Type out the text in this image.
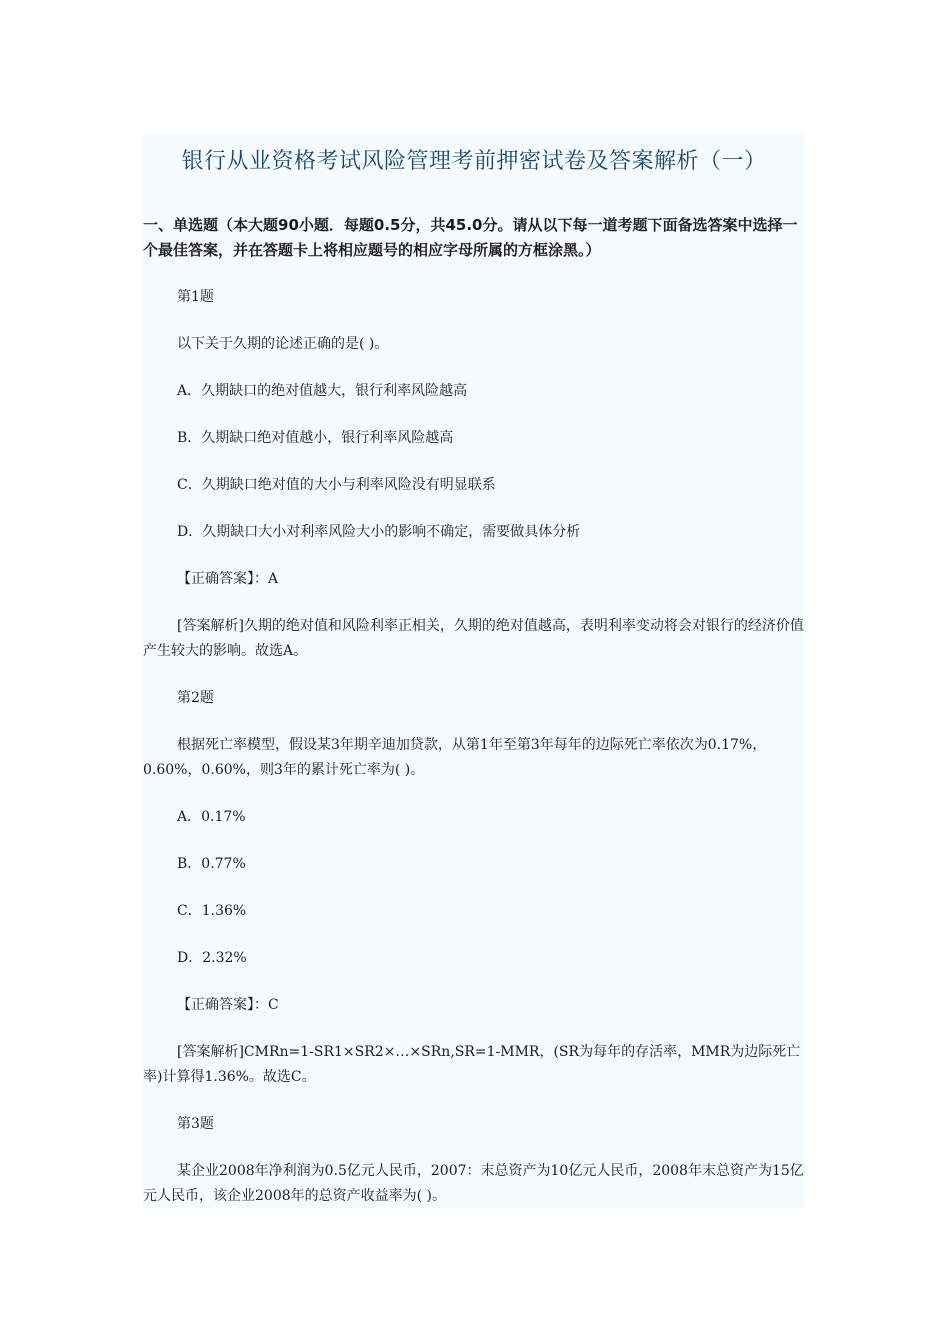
银行从业资格考试风险管理考前押密试卷及答案解析（一）
一、单选题（本大题90小题．每题0.5分，共45.0分。请从以下每一道考题下面备选答案中选择一个最佳答案，并在答题卡上将相应题号的相应字母所属的方框涂黑。）

第1题

以下关于久期的论述正确的是( )。

A．久期缺口的绝对值越大，银行利率风险越高

B．久期缺口绝对值越小，银行利率风险越高

C．久期缺口绝对值的大小与利率风险没有明显联系

D．久期缺口大小对利率风险大小的影响不确定，需要做具体分析

【正确答案】：A

[答案解析]久期的绝对值和风险利率正相关，久期的绝对值越高，表明利率变动将会对银行的经济价值产生较大的影响。故选A。

第2题

根据死亡率模型，假设某3年期辛迪加贷款，从第1年至第3年每年的边际死亡率依次为0.17%，0.60%，0.60%，则3年的累计死亡率为( )。

A．0.17%

B．0.77%

C．1.36%

D．2.32%

【正确答案】：C

[答案解析]CMRn=1-SR1×SR2×…×SRn,SR=1-MMR，(SR为每年的存活率，MMR为边际死亡率)计算得1.36%。故选C。

第3题

某企业2008年净利润为0.5亿元人民币，2007：末总资产为10亿元人民币，2008年末总资产为15亿元人民币，该企业2008年的总资产收益率为( )。
